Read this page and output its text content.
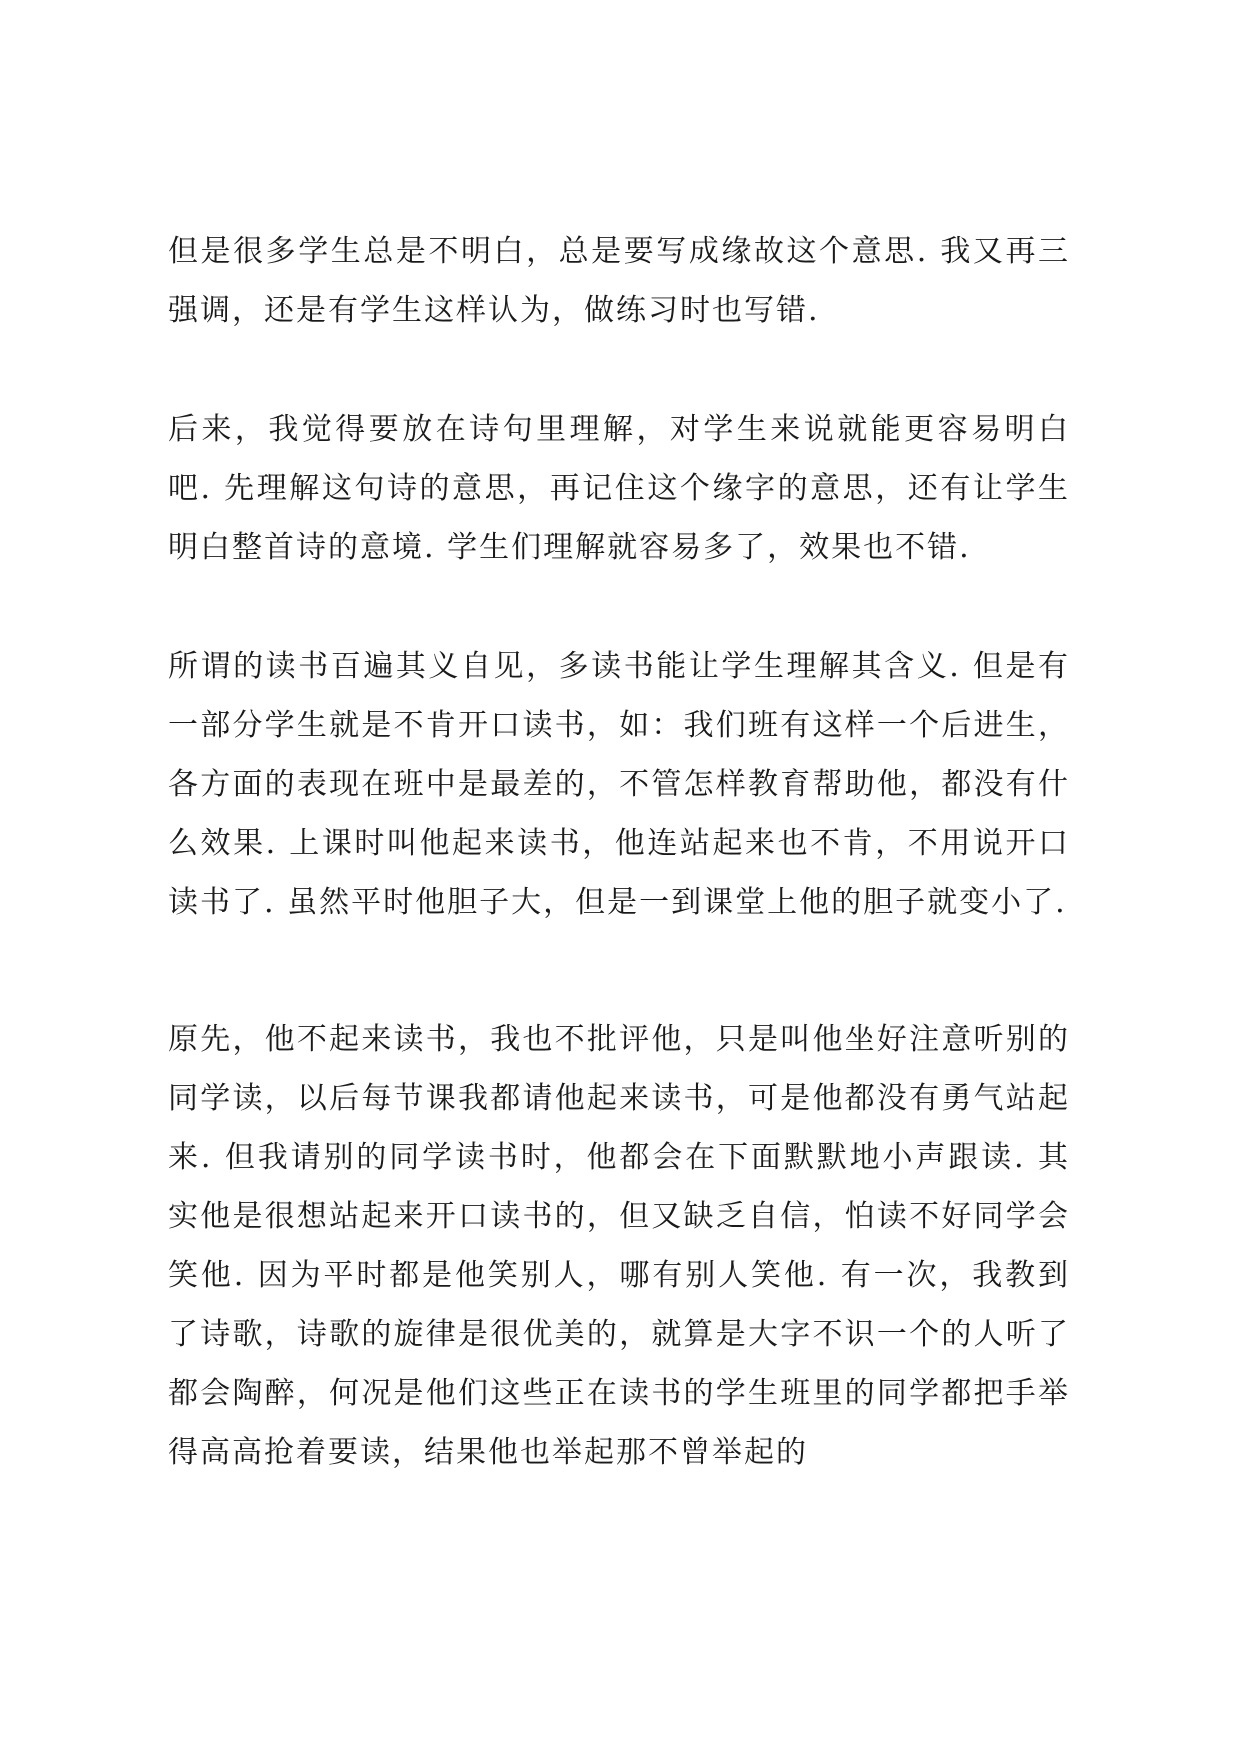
但是很多学生总是不明白，总是要写成缘故这个意思. 我又再三强调，还是有学生这样认为，做练习时也写错.

后来，我觉得要放在诗句里理解，对学生来说就能更容易明白吧. 先理解这句诗的意思，再记住这个缘字的意思，还有让学生明白整首诗的意境. 学生们理解就容易多了，效果也不错.

所谓的读书百遍其义自见，多读书能让学生理解其含义. 但是有一部分学生就是不肯开口读书，如：我们班有这样一个后进生，各方面的表现在班中是最差的，不管怎样教育帮助他，都没有什么效果. 上课时叫他起来读书，他连站起来也不肯，不用说开口读书了. 虽然平时他胆子大，但是一到课堂上他的胆子就变小了.

原先，他不起来读书，我也不批评他，只是叫他坐好注意听别的同学读，以后每节课我都请他起来读书，可是他都没有勇气站起来. 但我请别的同学读书时，他都会在下面默默地小声跟读. 其实他是很想站起来开口读书的，但又缺乏自信，怕读不好同学会笑他. 因为平时都是他笑别人，哪有别人笑他. 有一次，我教到了诗歌，诗歌的旋律是很优美的，就算是大字不识一个的人听了都会陶醉，何况是他们这些正在读书的学生班里的同学都把手举得高高抢着要读，结果他也举起那不曾举起的
